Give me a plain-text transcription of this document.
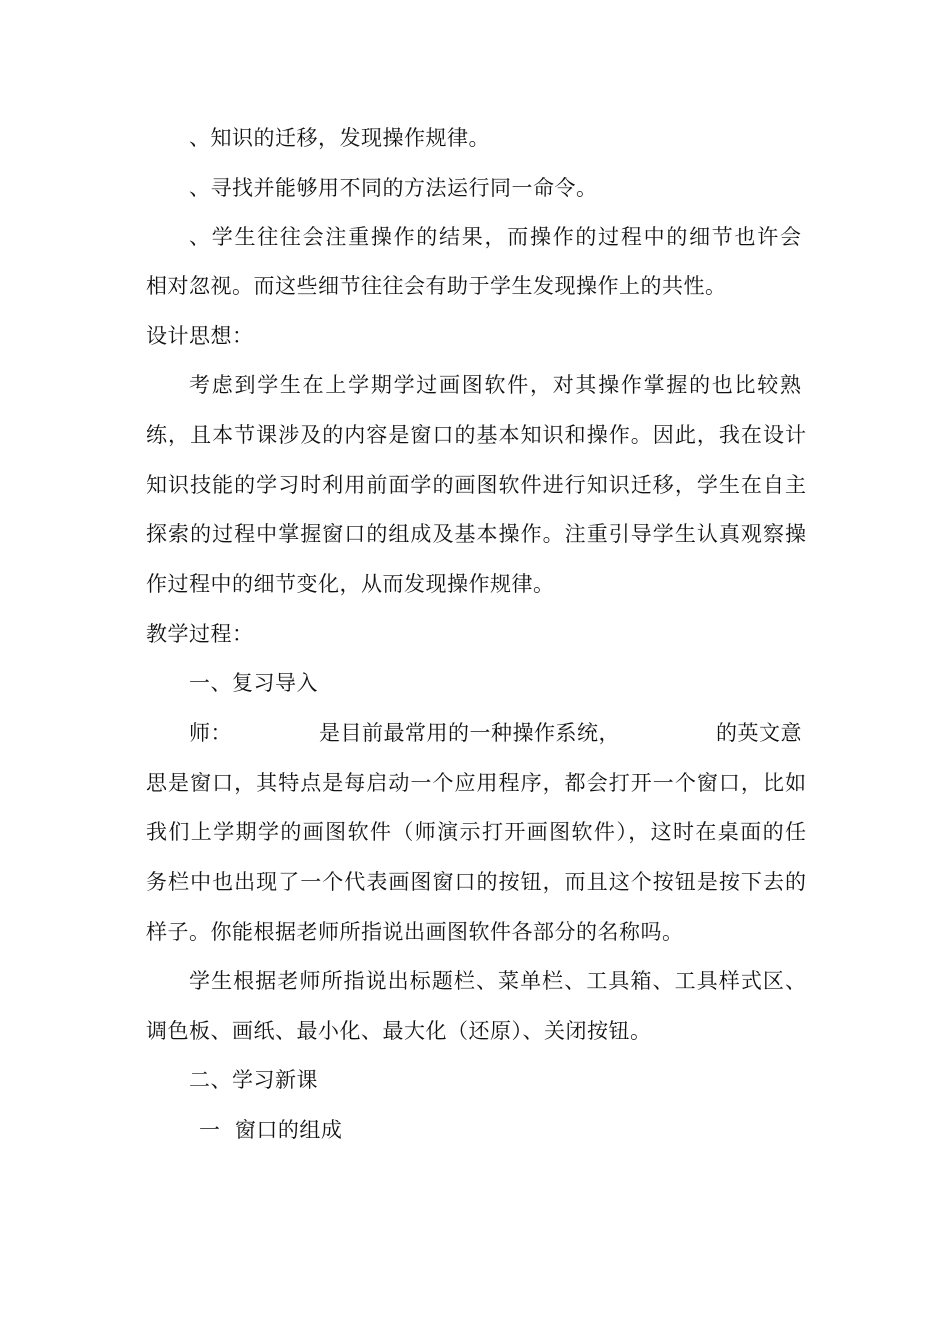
、知识的迁移，发现操作规律。
、寻找并能够用不同的方法运行同一命令。
、学生往往会注重操作的结果，而操作的过程中的细节也许会
相对忽视。而这些细节往往会有助于学生发现操作上的共性。
设计思想：
考虑到学生在上学期学过画图软件，对其操作掌握的也比较熟
练，且本节课涉及的内容是窗口的基本知识和操作。因此，我在设计
知识技能的学习时利用前面学的画图软件进行知识迁移，学生在自主
探索的过程中掌握窗口的组成及基本操作。注重引导学生认真观察操
作过程中的细节变化，从而发现操作规律。
教学过程：
一、复习导入
师：	是目前最常用的一种操作系统，	的英文意
思是窗口，其特点是每启动一个应用程序，都会打开一个窗口，比如
我们上学期学的画图软件（师演示打开画图软件），这时在桌面的任
务栏中也出现了一个代表画图窗口的按钮，而且这个按钮是按下去的
样子。你能根据老师所指说出画图软件各部分的名称吗。
学生根据老师所指说出标题栏、菜单栏、工具箱、工具样式区、
调色板、画纸、最小化、最大化（还原）、关闭按钮。
二、学习新课
一  窗口的组成
